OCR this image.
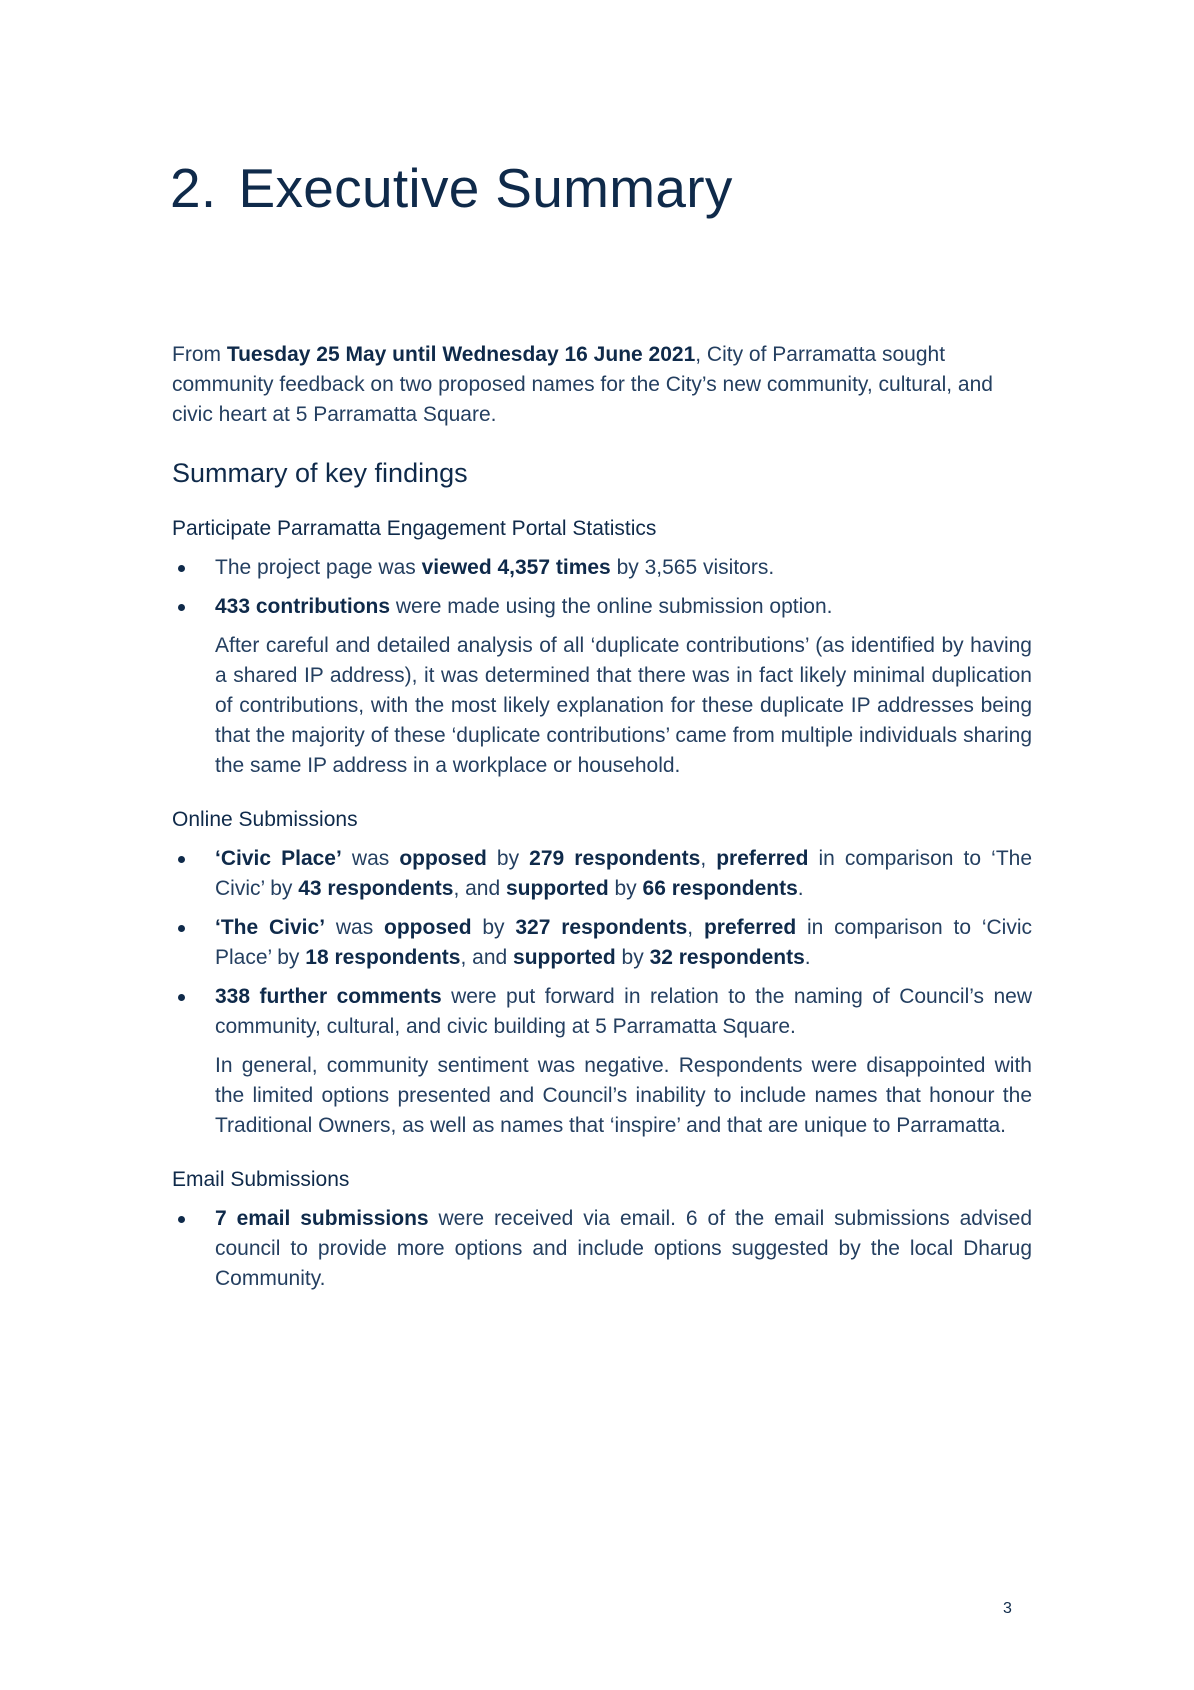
2. Executive Summary

From Tuesday 25 May until Wednesday 16 June 2021, City of Parramatta sought community feedback on two proposed names for the City’s new community, cultural, and civic heart at 5 Parramatta Square.

Summary of key findings
Participate Parramatta Engagement Portal Statistics
The project page was viewed 4,357 times by 3,565 visitors.
433 contributions were made using the online submission option.

After careful and detailed analysis of all ‘duplicate contributions’ (as identified by having a shared IP address), it was determined that there was in fact likely minimal duplication of contributions, with the most likely explanation for these duplicate IP addresses being that the majority of these ‘duplicate contributions’ came from multiple individuals sharing the same IP address in a workplace or household.

Online Submissions
‘Civic Place’ was opposed by 279 respondents, preferred in comparison to ‘The Civic’ by 43 respondents, and supported by 66 respondents.
‘The Civic’ was opposed by 327 respondents, preferred in comparison to ‘Civic Place’ by 18 respondents, and supported by 32 respondents.
338 further comments were put forward in relation to the naming of Council’s new community, cultural, and civic building at 5 Parramatta Square.

In general, community sentiment was negative. Respondents were disappointed with the limited options presented and Council’s inability to include names that honour the Traditional Owners, as well as names that ‘inspire’ and that are unique to Parramatta.

Email Submissions
7 email submissions were received via email. 6 of the email submissions advised council to provide more options and include options suggested by the local Dharug Community.
3
